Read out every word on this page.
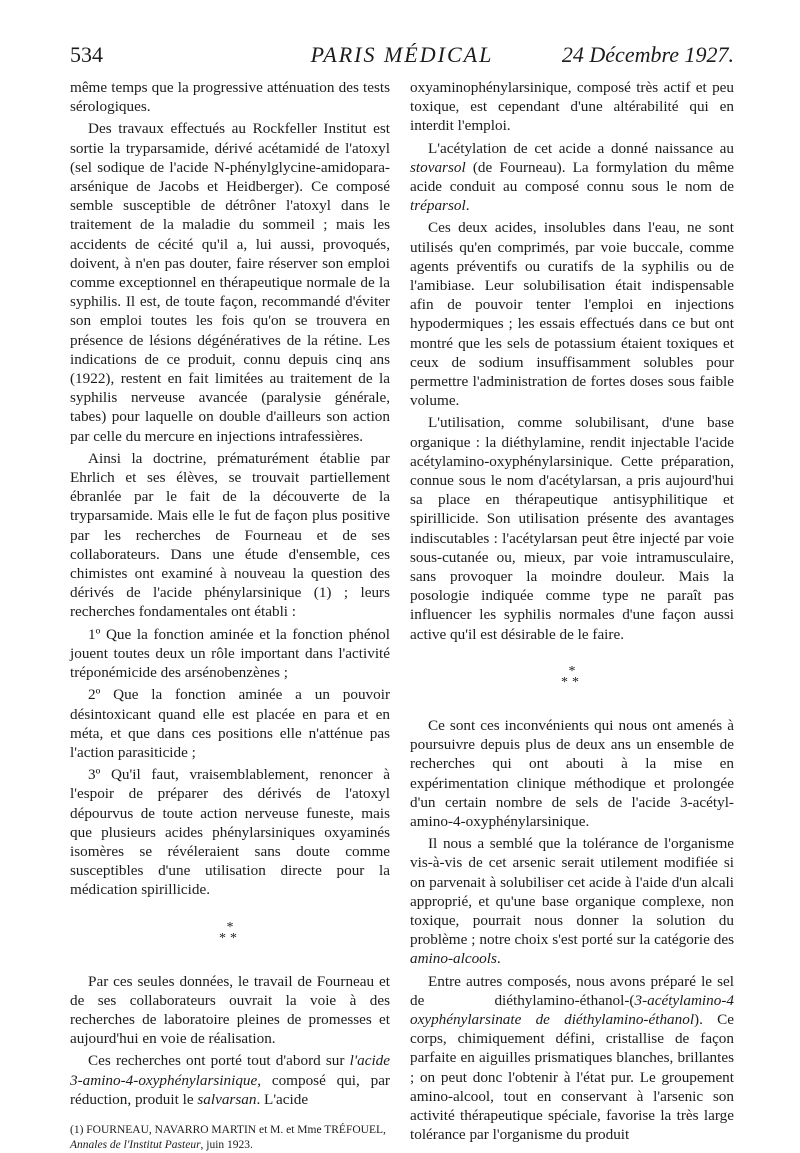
534	PARIS MÉDICAL	24 Décembre 1927.

même temps que la progressive atténuation des tests sérologiques.

Des travaux effectués au Rockfeller Institut est sortie la tryparsamide, dérivé acétamidé de l'atoxyl (sel sodique de l'acide N-phénylglycine-amidopara-arsénique de Jacobs et Heidberger). Ce composé semble susceptible de détrôner l'atoxyl dans le traitement de la maladie du sommeil ; mais les accidents de cécité qu'il a, lui aussi, provoqués, doivent, à n'en pas douter, faire réserver son emploi comme exceptionnel en thérapeutique normale de la syphilis. Il est, de toute façon, recommandé d'éviter son emploi toutes les fois qu'on se trouvera en présence de lésions dégénératives de la rétine. Les indications de ce produit, connu depuis cinq ans (1922), restent en fait limitées au traitement de la syphilis nerveuse avancée (paralysie générale, tabes) pour laquelle on double d'ailleurs son action par celle du mercure en injections intrafessières.

Ainsi la doctrine, prématurément établie par Ehrlich et ses élèves, se trouvait partiellement ébranlée par le fait de la découverte de la tryparsamide. Mais elle le fut de façon plus positive par les recherches de Fourneau et de ses collaborateurs. Dans une étude d'ensemble, ces chimistes ont examiné à nouveau la question des dérivés de l'acide phénylarsinique (1) ; leurs recherches fondamentales ont établi :

1º Que la fonction aminée et la fonction phénol jouent toutes deux un rôle important dans l'activité tréponémicide des arsénobenzènes ;

2º Que la fonction aminée a un pouvoir désintoxicant quand elle est placée en para et en méta, et que dans ces positions elle n'atténue pas l'action parasiticide ;

3º Qu'il faut, vraisemblablement, renoncer à l'espoir de préparer des dérivés de l'atoxyl dépourvus de toute action nerveuse funeste, mais que plusieurs acides phénylarsiniques oxyaminés isomères se révéleraient sans doute comme susceptibles d'une utilisation directe pour la médication spirillicide.

*
**

Par ces seules données, le travail de Fourneau et de ses collaborateurs ouvrait la voie à des recherches de laboratoire pleines de promesses et aujourd'hui en voie de réalisation.

Ces recherches ont porté tout d'abord sur l'acide 3-amino-4-oxyphénylarsinique, composé qui, par réduction, produit le salvarsan. L'acide

(1) FOURNEAU, NAVARRO MARTIN et M. et Mme TRÉFOUEL, Annales de l'Institut Pasteur, juin 1923.

oxyaminophénylarsinique, composé très actif et peu toxique, est cependant d'une altérabilité qui en interdit l'emploi.

L'acétylation de cet acide a donné naissance au stovarsol (de Fourneau). La formylation du même acide conduit au composé connu sous le nom de tréparsol.

Ces deux acides, insolubles dans l'eau, ne sont utilisés qu'en comprimés, par voie buccale, comme agents préventifs ou curatifs de la syphilis ou de l'amibiase. Leur solubilisation était indispensable afin de pouvoir tenter l'emploi en injections hypodermiques ; les essais effectués dans ce but ont montré que les sels de potassium étaient toxiques et ceux de sodium insuffisamment solubles pour permettre l'administration de fortes doses sous faible volume.

L'utilisation, comme solubilisant, d'une base organique : la diéthylamine, rendit injectable l'acide acétylamino-oxyphénylarsinique. Cette préparation, connue sous le nom d'acétylarsan, a pris aujourd'hui sa place en thérapeutique antisyphilitique et spirillicide. Son utilisation présente des avantages indiscutables : l'acétylarsan peut être injecté par voie sous-cutanée ou, mieux, par voie intramusculaire, sans provoquer la moindre douleur. Mais la posologie indiquée comme type ne paraît pas influencer les syphilis normales d'une façon aussi active qu'il est désirable de le faire.

*
**

Ce sont ces inconvénients qui nous ont amenés à poursuivre depuis plus de deux ans un ensemble de recherches qui ont abouti à la mise en expérimentation clinique méthodique et prolongée d'un certain nombre de sels de l'acide 3-acétyl-amino-4-oxyphénylarsinique.

Il nous a semblé que la tolérance de l'organisme vis-à-vis de cet arsenic serait utilement modifiée si on parvenait à solubiliser cet acide à l'aide d'un alcali approprié, et qu'une base organique complexe, non toxique, pourrait nous donner la solution du problème ; notre choix s'est porté sur la catégorie des amino-alcools.

Entre autres composés, nous avons préparé le sel de diéthylamino-éthanol-(3-acétylamino-4 oxyphénylarsinate de diéthylamino-éthanol). Ce corps, chimiquement défini, cristallise de façon parfaite en aiguilles prismatiques blanches, brillantes ; on peut donc l'obtenir à l'état pur. Le groupement amino-alcool, tout en conservant à l'arsenic son activité thérapeutique spéciale, favorise la très large tolérance par l'organisme du produit
